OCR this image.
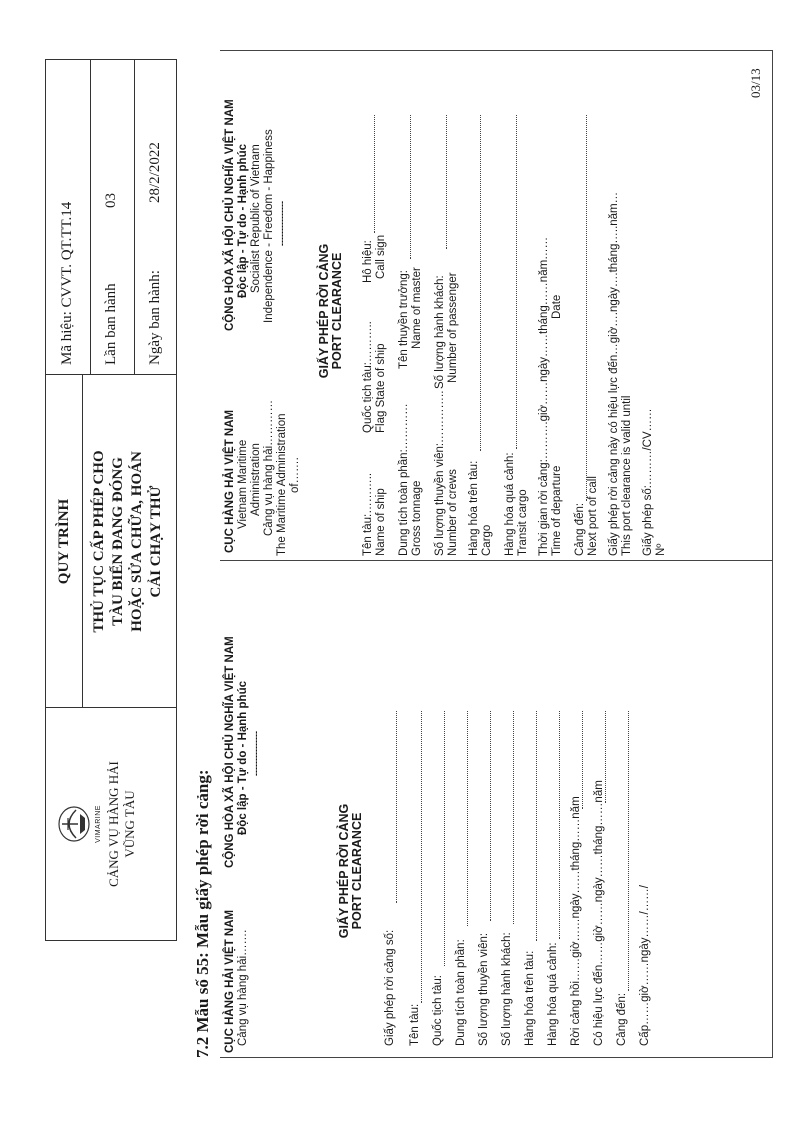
03/13
VIMARINE CẢNG VỤ HÀNG HẢI VŨNG TÀU
QUY TRÌNH THỦ TỤC CẤP PHÉP CHO TÀU BIỂN ĐANG ĐÓNG HOẶC SỬA CHỮA, HOÁN CẢI CHẠY THỬ
Mã hiệu: CVVT. QT.TT.14 Lần ban hành
03
Ngày ban hành:
28/2/2022
7.2 Mẫu số 55: Mẫu giấy phép rời cảng: CỤC HÀNG HẢI VIỆT NAM Cảng vụ hàng hải…….
CỘNG HÒA XÃ HỘI CHỦ NGHĨA VIỆT NAM Độc lập - Tự do - Hạnh phúc ---------------
GIẤY PHÉP RỜI CẢNG PORT CLEARANCE
Giấy phép rời cảng số: Tên tàu: Quốc tịch tàu: Dung tích toàn phần: Số lượng thuyền viên: Số lượng hành khách: Hàng hóa trên tàu: Hàng hóa quá cảnh: Rời cảng hồi……giờ……ngày……tháng……năm Có hiệu lực đến……giờ……ngày……tháng……năm Cảng đến: Cấp……giờ……ngày……/……/
CỤC HÀNG HẢI VIỆT NAM Vietnam Maritime Administration Cảng vụ hàng hải………… The Maritime Administration of…….
CỘNG HÒA XÃ HỘI CHỦ NGHĨA VIỆT NAM Độc lập - Tự do - Hạnh phúc Socialist Republic of Vietnam Independence - Freedom - Happiness ---------------
GIẤY PHÉP RỜI CẢNG PORT CLEARANCE
Tên tàu:……….. Name of ship
Quốc tịch tàu:……….. Flag State of ship
Hô hiệu: Call sign
Dung tích toàn phần:………… Gross tonnage
Tên thuyền trưởng: Name of master
Số lượng thuyền viên:………….. Number of crews
Số lượng hành khách: Number of passenger
Hàng hóa trên tàu: Cargo Hàng hóa quá cảnh: Transit cargo Thời gian rời cảng:……….giờ……ngày……tháng……năm…… Time of departure
Date
Cảng đến: Next port of call Giấy phép rời cảng này có hiệu lực đến…giờ….ngày….tháng…..năm… This port clearance is valid until Giấy phép số:………/CV…… Nº
